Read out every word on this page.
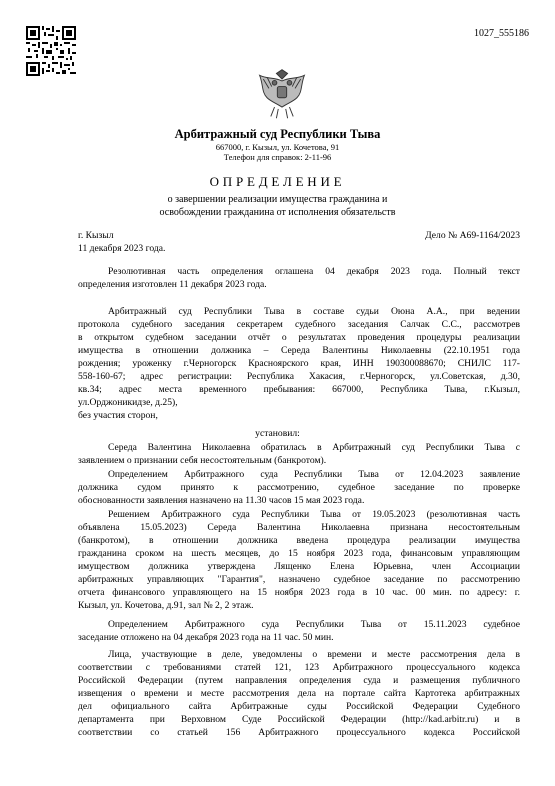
1027_555186
Арбитражный суд Республики Тыва
667000, г. Кызыл, ул. Кочетова, 91
Телефон для справок: 2-11-96
ОПРЕДЕЛЕНИЕ
о завершении реализации имущества гражданина и
освобождении гражданина от исполнения обязательств
г. Кызыл	Дело № А69-1164/2023
11 декабря 2023 года.
Резолютивная часть определения оглашена 04 декабря 2023 года. Полный текст
определения изготовлен 11 декабря 2023 года.
Арбитражный суд Республики Тыва в составе судьи Оюна А.А., при ведении
протокола судебного заседания секретарем судебного заседания Салчак С.С., рассмотрев
в открытом судебном заседании отчёт о результатах проведения процедуры реализации
имущества в отношении должника – Середа Валентины Николаевны (22.10.1951 года
рождения; уроженку г.Черногорск Красноярского края, ИНН 190300088670; СНИЛС 117-
558-160-67; адрес регистрации: Республика Хакасия, г.Черногорск, ул.Советская, д.30,
кв.34; адрес места временного пребывания: 667000, Республика Тыва, г.Кызыл,
ул.Орджоникидзе, д.25),
без участия сторон,
установил:
Середа Валентина Николаевна обратилась в Арбитражный суд Республики Тыва с
заявлением о признании себя несостоятельным (банкротом).
Определением Арбитражного суда Республики Тыва от 12.04.2023 заявление
должника судом принято к рассмотрению, судебное заседание по проверке
обоснованности заявления назначено на 11.30 часов 15 мая 2023 года.
Решением Арбитражного суда Республики Тыва от 19.05.2023 (резолютивная часть
объявлена 15.05.2023) Середа Валентина Николаевна признана несостоятельным
(банкротом), в отношении должника введена процедура реализации имущества
гражданина сроком на шесть месяцев, до 15 ноября 2023 года, финансовым управляющим
имуществом должника утверждена Лященко Елена Юрьевна, член Ассоциации
арбитражных управляющих "Гарантия", назначено судебное заседание по рассмотрению
отчета финансового управляющего на 15 ноября 2023 года в 10 час. 00 мин. по адресу: г.
Кызыл, ул. Кочетова, д.91, зал № 2, 2 этаж.
Определением Арбитражного суда Республики Тыва от 15.11.2023 судебное
заседание отложено на 04 декабря 2023 года на 11 час. 50 мин.
Лица, участвующие в деле, уведомлены о времени и месте рассмотрения дела в
соответствии с требованиями статей 121, 123 Арбитражного процессуального кодекса
Российской Федерации (путем направления определения суда и размещения публичного
извещения о времени и месте рассмотрения дела на портале сайта Картотека арбитражных
дел официального сайта Арбитражные суды Российской Федерации Судебного
департамента при Верховном Суде Российской Федерации (http://kad.arbitr.ru) и в
соответствии со статьей 156 Арбитражного процессуального кодекса Российской
